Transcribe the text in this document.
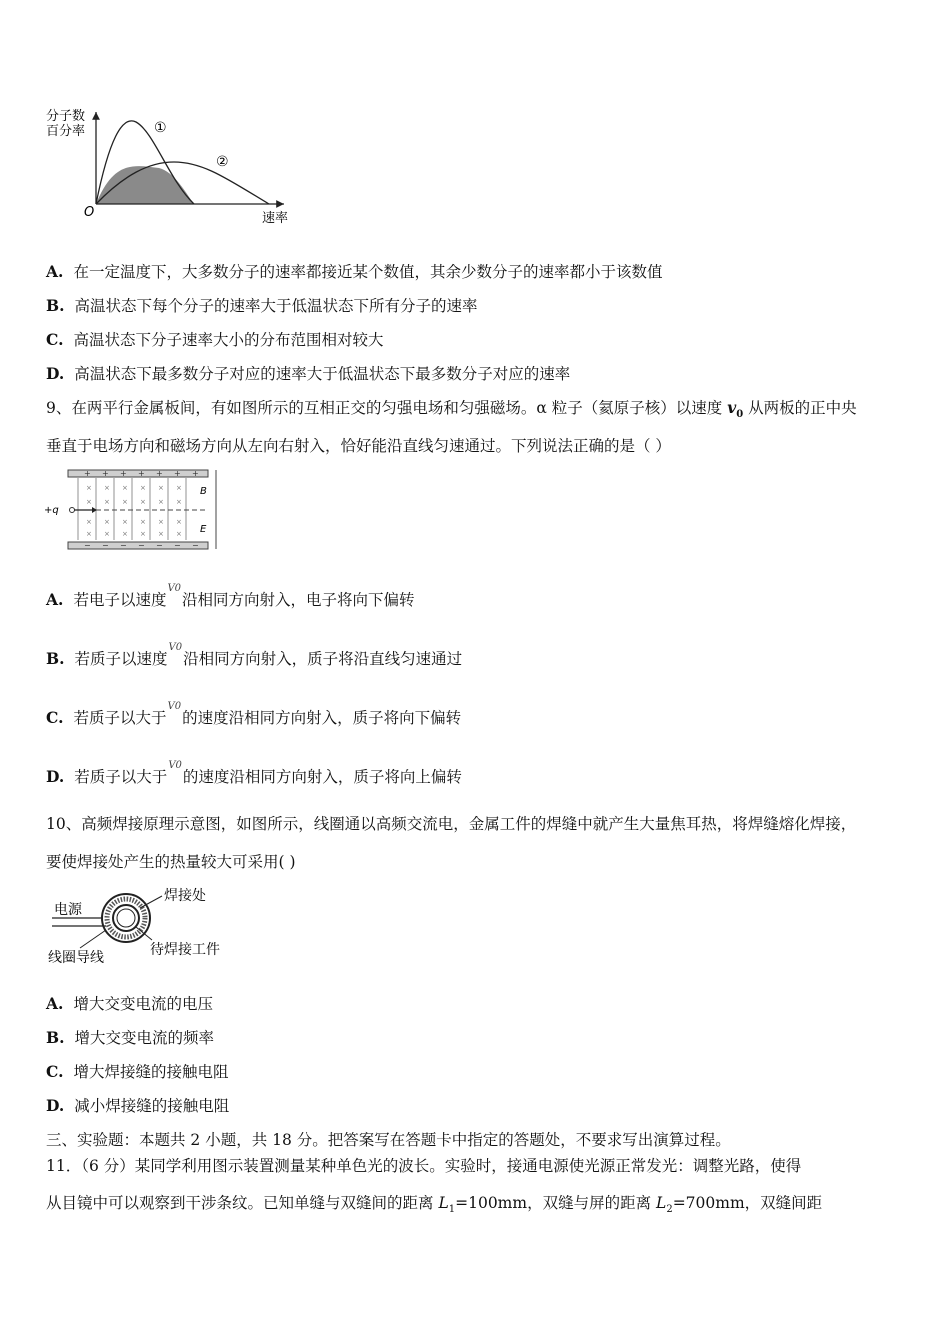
分子数
百分率
O	速率
①
②
A. 在一定温度下，大多数分子的速率都接近某个数值，其余少数分子的速率都小于该数值
B. 高温状态下每个分子的速率大于低温状态下所有分子的速率
C. 高温状态下分子速率大小的分布范围相对较大
D. 高温状态下最多数分子对应的速率大于低温状态下最多数分子对应的速率
9、在两平行金属板间，有如图所示的互相正交的匀强电场和匀强磁场。α 粒子（氦原子核）以速度 $v_0$ 从两板的正中央
垂直于电场方向和磁场方向从左向右射入，恰好能沿直线匀速通过。下列说法正确的是（ ）
+ + + + + + +
− − − − − − −
× × × × × ×
× × × × × ×
× × × × × ×
× × × × × ×
+q
B
E
A. 若电子以速度$^{V0}$沿相同方向射入，电子将向下偏转
B. 若质子以速度$^{V0}$沿相同方向射入，质子将沿直线匀速通过
C. 若质子以大于$^{V0}$的速度沿相同方向射入，质子将向下偏转
D. 若质子以大于$^{V0}$的速度沿相同方向射入，质子将向上偏转
10、高频焊接原理示意图，如图所示，线圈通以高频交流电，金属工件的焊缝中就产生大量焦耳热，将焊缝熔化焊接，
要使焊接处产生的热量较大可采用( )
电源
焊接处
待焊接工件
线圈导线
A. 增大交变电流的电压
B. 增大交变电流的频率
C. 增大焊接缝的接触电阻
D. 减小焊接缝的接触电阻
三、实验题：本题共 2 小题，共 18 分。把答案写在答题卡中指定的答题处，不要求写出演算过程。
11．（6 分）某同学利用图示装置测量某种单色光的波长。实验时，接通电源使光源正常发光：调整光路，使得
从目镜中可以观察到干涉条纹。已知单缝与双缝间的距离 $L_1=100mm$，双缝与屏的距离 $L_2=700mm$，双缝间距
